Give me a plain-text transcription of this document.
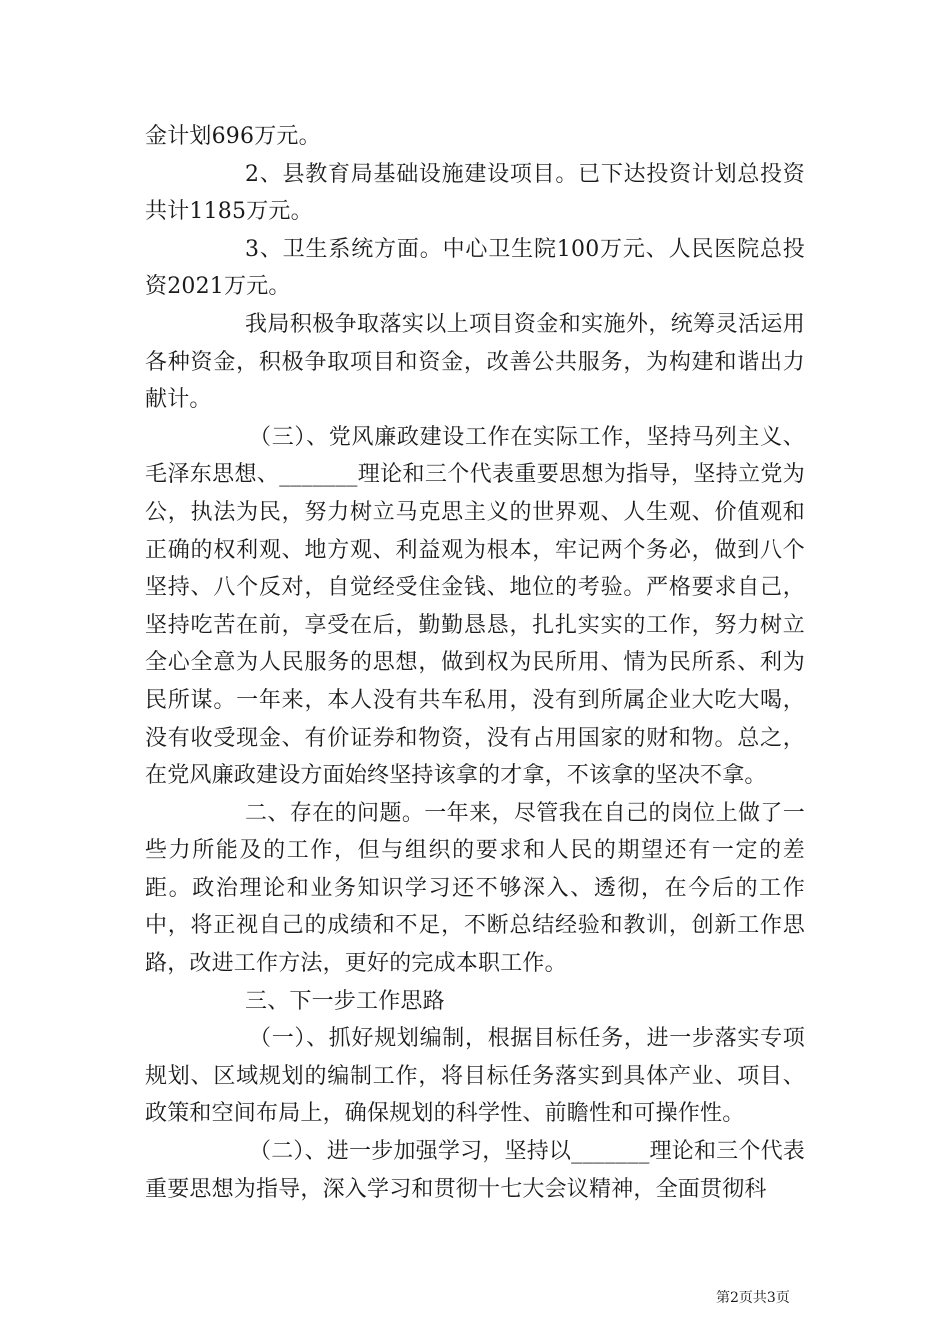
金计划696万元。

2、县教育局基础设施建设项目。已下达投资计划总投资共计1185万元。

3、卫生系统方面。中心卫生院100万元、人民医院总投资2021万元。

我局积极争取落实以上项目资金和实施外，统筹灵活运用各种资金，积极争取项目和资金，改善公共服务，为构建和谐出力献计。

（三）、党风廉政建设工作在实际工作，坚持马列主义、毛泽东思想、_______理论和三个代表重要思想为指导，坚持立党为公，执法为民，努力树立马克思主义的世界观、人生观、价值观和正确的权利观、地方观、利益观为根本，牢记两个务必，做到八个坚持、八个反对，自觉经受住金钱、地位的考验。严格要求自己，坚持吃苦在前，享受在后，勤勤恳恳，扎扎实实的工作，努力树立全心全意为人民服务的思想，做到权为民所用、情为民所系、利为民所谋。一年来，本人没有共车私用，没有到所属企业大吃大喝，没有收受现金、有价证券和物资，没有占用国家的财和物。总之，在党风廉政建设方面始终坚持该拿的才拿，不该拿的坚决不拿。

二、存在的问题。一年来，尽管我在自己的岗位上做了一些力所能及的工作，但与组织的要求和人民的期望还有一定的差距。政治理论和业务知识学习还不够深入、透彻，在今后的工作中，将正视自己的成绩和不足，不断总结经验和教训，创新工作思路，改进工作方法，更好的完成本职工作。

三、下一步工作思路

（一）、抓好规划编制，根据目标任务，进一步落实专项规划、区域规划的编制工作，将目标任务落实到具体产业、项目、政策和空间布局上，确保规划的科学性、前瞻性和可操作性。

（二）、进一步加强学习，坚持以_______理论和三个代表重要思想为指导，深入学习和贯彻十七大会议精神，全面贯彻科

第2页共3页
